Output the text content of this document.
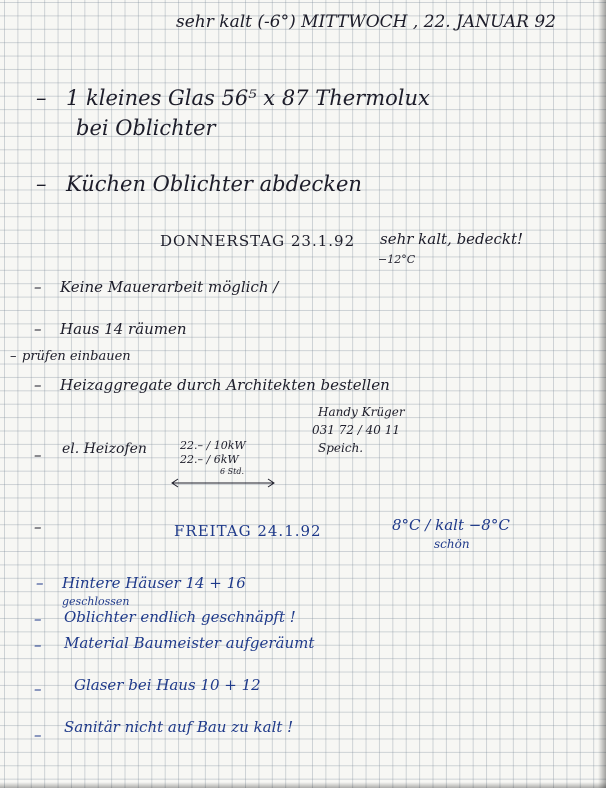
sehr kalt (-6°) MITTWOCH , 22. JANUAR 92
– 1 kleines Glas 56⁵ x 87 Thermolux
bei Oblichter
– Küchen Oblichter abdecken
DONNERSTAG 23.1.92 sehr kalt, bedeckt!
−12°C
– Keine Mauerarbeit möglich /
– Haus 14 räumen
– prüfen einbauen
– Heizaggregate durch Architekten bestellen
Handy Krüger
031 72 / 40 11
Speich.
– el. Heizofen	22.– / 10kW
22.– / 6kW
6 Std.
–	FREITAG 24.1.92	8°C / kalt −8°C
schön
– Hintere Häuser 14 + 16
geschlossen
– Oblichter endlich geschnäpft !
– Material Baumeister aufgeräumt
– Glaser bei Haus 10 + 12
– Sanitär nicht auf Bau zu kalt !
